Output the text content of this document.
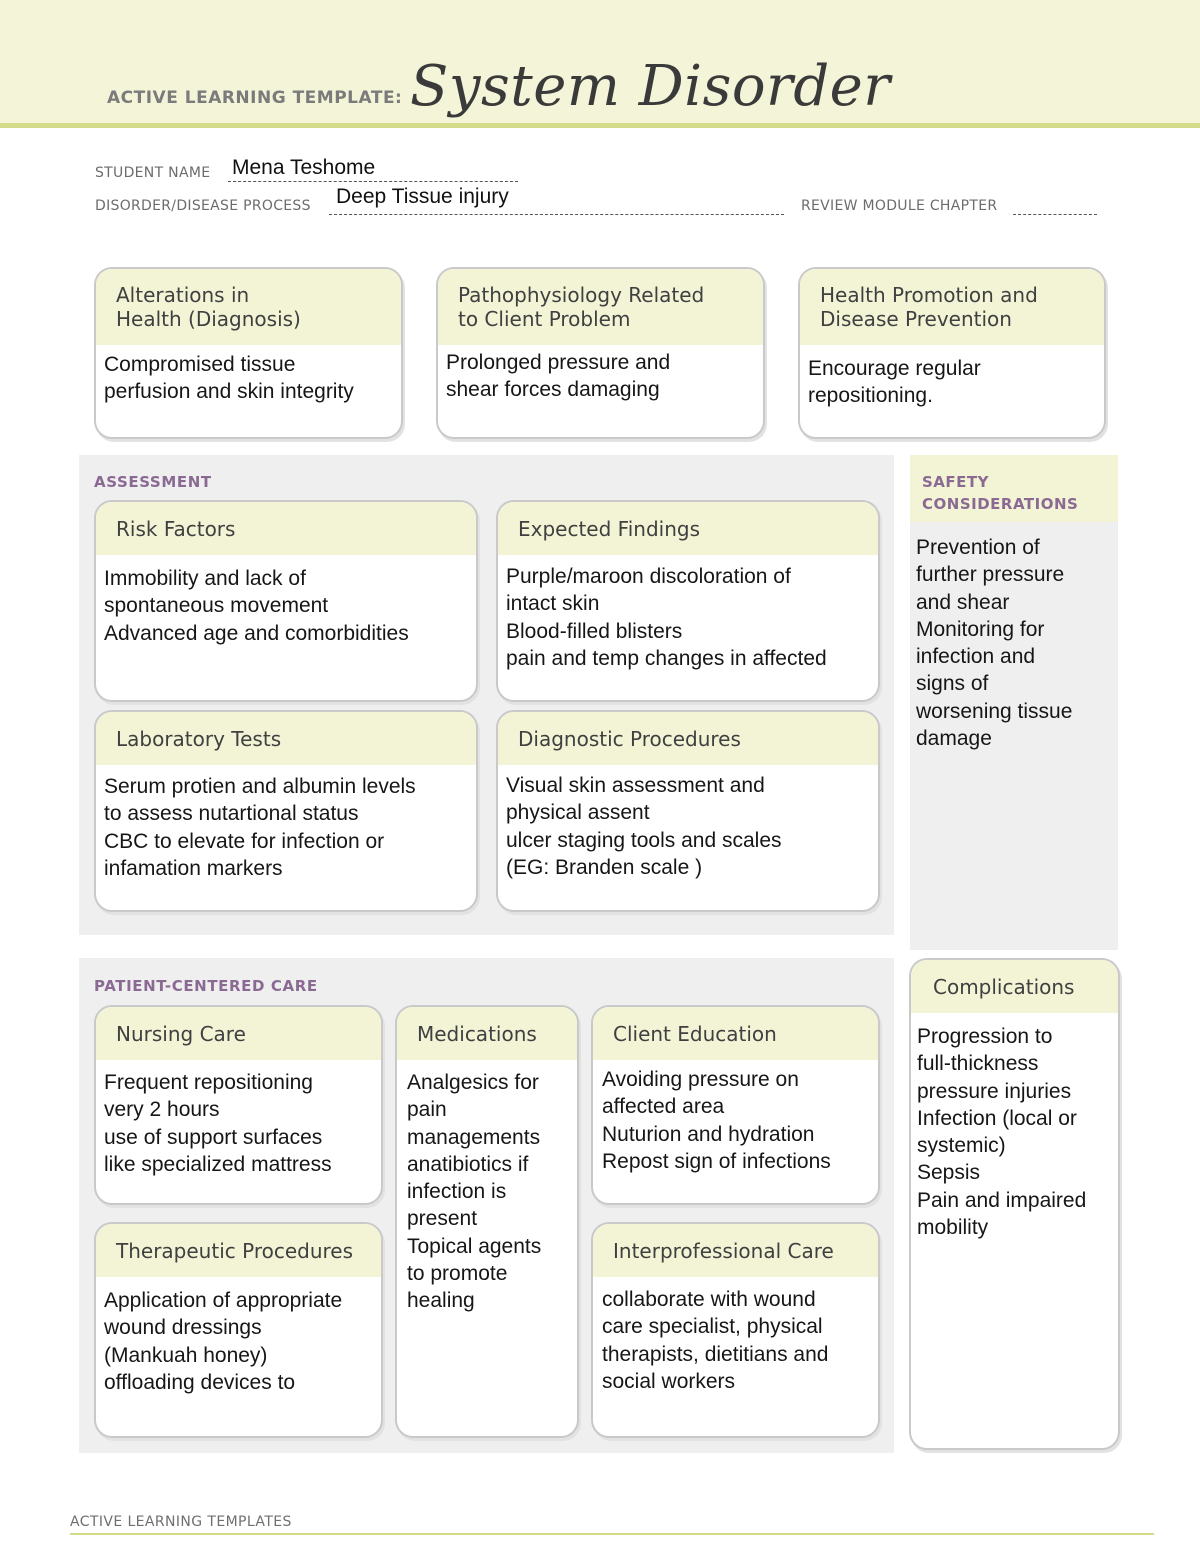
ACTIVE LEARNING TEMPLATE: System Disorder
STUDENT NAME Mena Teshome
DISORDER/DISEASE PROCESS Deep Tissue injury	REVIEW MODULE CHAPTER
Alterations in
Health (Diagnosis)
Compromised tissue
perfusion and skin integrity
Pathophysiology Related
to Client Problem
Prolonged pressure and
shear forces damaging
Health Promotion and
Disease Prevention
Encourage regular
repositioning.
ASSESSMENT
Risk Factors
Immobility and lack of
spontaneous movement
Advanced age and comorbidities
Expected Findings
Purple/maroon discoloration of
intact skin
Blood-filled blisters
pain and temp changes in affected
Laboratory Tests
Serum protien and albumin levels
to assess nutartional status
CBC to elevate for infection or
infamation markers
Diagnostic Procedures
Visual skin assessment and
physical assent
ulcer staging tools and scales
(EG: Branden scale )
SAFETY
CONSIDERATIONS
Prevention of
further pressure
and shear
Monitoring for
infection and
signs of
worsening tissue
damage
PATIENT-CENTERED CARE
Nursing Care
Frequent repositioning
very 2 hours
use of support surfaces
like specialized mattress
Medications
Analgesics for
pain
managements
anatibiotics if
infection is
present
Topical agents
to promote
healing
Client Education
Avoiding pressure on
affected area
Nuturion and hydration
Repost sign of infections
Therapeutic Procedures
Application of appropriate
wound dressings
(Mankuah honey)
offloading devices to
Interprofessional Care
collaborate with wound
care specialist, physical
therapists, dietitians and
social workers
Complications
Progression to
full-thickness
pressure injuries
Infection (local or
systemic)
Sepsis
Pain and impaired
mobility
ACTIVE LEARNING TEMPLATES
